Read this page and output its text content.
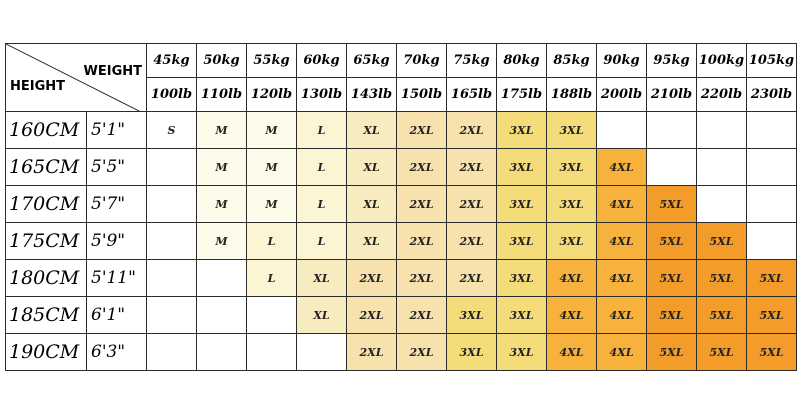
WEIGHT
HEIGHT		45kg	50kg	55kg	60kg	65kg	70kg	75kg	80kg	85kg	90kg	95kg	100kg	105kg
		100lb	110lb	120lb	130lb	143lb	150lb	165lb	175lb	188lb	200lb	210lb	220lb	230lb
160CM	5'1"	S	M	M	L	XL	2XL	2XL	3XL	3XL				
165CM	5'5"		M	M	L	XL	2XL	2XL	3XL	3XL	4XL			
170CM	5'7"		M	M	L	XL	2XL	2XL	3XL	3XL	4XL	5XL		
175CM	5'9"		M	L	L	XL	2XL	2XL	3XL	3XL	4XL	5XL	5XL	
180CM	5'11"			L	XL	2XL	2XL	2XL	3XL	4XL	4XL	5XL	5XL	5XL
185CM	6'1"				XL	2XL	2XL	3XL	3XL	4XL	4XL	5XL	5XL	5XL
190CM	6'3"					2XL	2XL	3XL	3XL	4XL	4XL	5XL	5XL	5XL
